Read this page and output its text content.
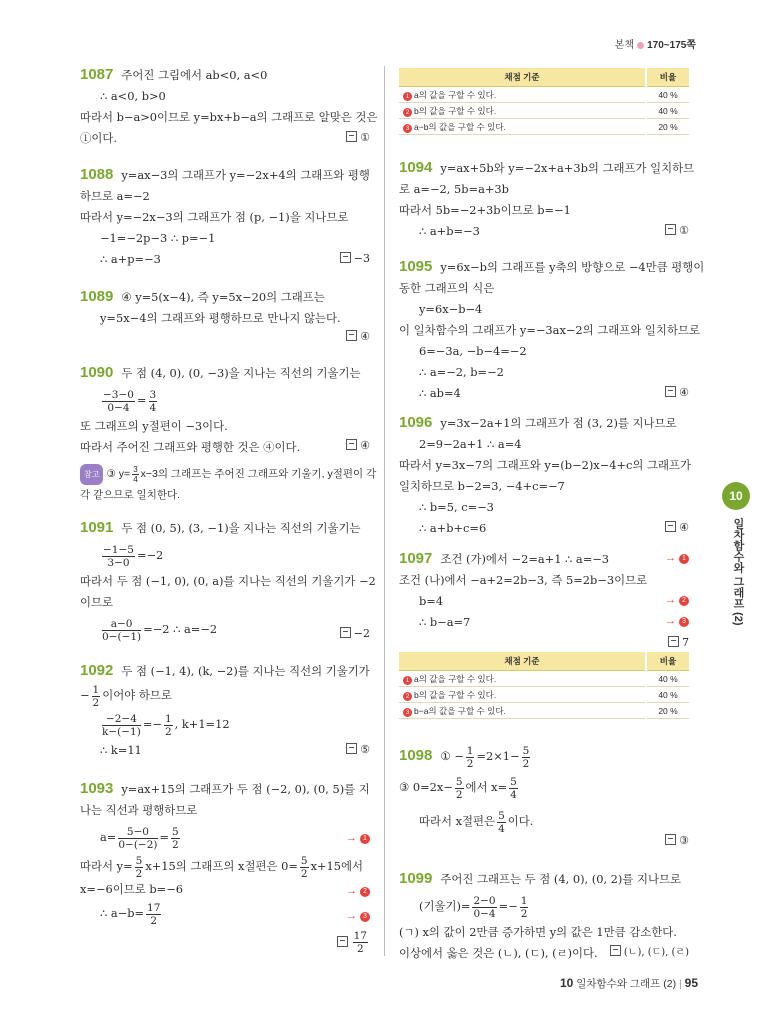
본책 170~175쪽

1087 주어진 그림에서 ab<0, a<0

∴ a<0, b>0

따라서 b−a>0이므로 y=bx+b−a의 그래프로 알맞은 것은

①이다.	①

1088 y=ax−3의 그래프가 y=−2x+4의 그래프와 평행

하므로 a=−2

따라서 y=−2x−3의 그래프가 점 (p, −1)을 지나므로

−1=−2p−3 ∴ p=−1

∴ a+p=−3	−3

1089 ④ y=5(x−4), 즉 y=5x−20의 그래프는

y=5x−4의 그래프와 평행하므로 만나지 않는다.

④

1090 두 점 (4, 0), (0, −3)을 지나는 직선의 기울기는

$\frac{-3-0}{0-4} = \frac{3}{4}$

또 그래프의 y절편이 −3이다.

따라서 주어진 그래프와 평행한 것은 ④이다.	④

참고 ③ $y= \frac{3}{4} x-3$의 그래프는 주어진 그래프와 기울기, y절편이 각

각 같으므로 일치한다.

1091 두 점 (0, 5), (3, −1)을 지나는 직선의 기울기는

$\frac{-1-5}{3-0} =-2$

따라서 두 점 (−1, 0), (0, a)를 지나는 직선의 기울기가 −2

이므로

$\frac{a-0}{0-(-1)} =-2$ ∴ a=−2	−2

1092 두 점 (−1, 4), (k, −2)를 지나는 직선의 기울기가

− $\frac{1}{2}$ 이어야 하므로

$\frac{-2-4}{k-(-1)} =- \frac{1}{2}$ , k+1=12

∴ k=11	⑤

1093 y=ax+15의 그래프가 두 점 (−2, 0), (0, 5)를 지

나는 직선과 평행하므로

$a= \frac{5-0}{0-(-2)} = \frac{5}{2}$

따라서 $y= \frac{5}{2} x+15$의 그래프의 x절편은 $0= \frac{5}{2} x+15$에서

x=−6이므로 b=−6

∴ $a-b= \frac{17}{2}$

→ 1
→ 2
→ 3
$\frac{17}{2}$
채점 기준	비율
1 a의 값을 구할 수 있다.	40 %
2 b의 값을 구할 수 있다.	40 %
3 a−b의 값을 구할 수 있다.	20 %

1094 y=ax+5b와 y=−2x+a+3b의 그래프가 일치하므

로 a=−2, 5b=a+3b

따라서 5b=−2+3b이므로 b=−1

∴ a+b=−3	①

1095 y=6x−b의 그래프를 y축의 방향으로 −4만큼 평행이

동한 그래프의 식은

y=6x−b−4

이 일차함수의 그래프가 y=−3ax−2의 그래프와 일치하므로

6=−3a, −b−4=−2

∴ a=−2, b=−2

∴ ab=4	④

1096 y=3x−2a+1의 그래프가 점 (3, 2)를 지나므로

2=9−2a+1 ∴ a=4

따라서 y=3x−7의 그래프와 y=(b−2)x−4+c의 그래프가

일치하므로 b−2=3, −4+c=−7

∴ b=5, c=−3

∴ a+b+c=6	④

1097 조건 (가)에서 −2=a+1 ∴ a=−3

조건 (나)에서 −a+2=2b−3, 즉 5=2b−3이므로

b=4

∴ b−a=7

→ 1
→ 2
→ 3
7
채점 기준	비율
1 a의 값을 구할 수 있다.	40 %
2 b의 값을 구할 수 있다.	40 %
3 b−a의 값을 구할 수 있다.	20 %

1098 ① − $\frac{1}{2} =2\times 1- \frac{5}{2}$

③ $0=2x- \frac{5}{2}$ 에서 $x= \frac{5}{4}$

따라서 x절편은 $\frac{5}{4}$ 이다.

③

1099 주어진 그래프는 두 점 (4, 0), (0, 2)를 지나므로

(기울기)= $\frac{2-0}{0-4} =- \frac{1}{2}$

(ㄱ) x의 값이 2만큼 증가하면 y의 값은 1만큼 감소한다.

이상에서 옳은 것은 (ㄴ), (ㄷ), (ㄹ)이다.	(ㄴ), (ㄷ), (ㄹ)
10
일차함수와 그래프 (2)
10 일차함수와 그래프 (2) | 95
